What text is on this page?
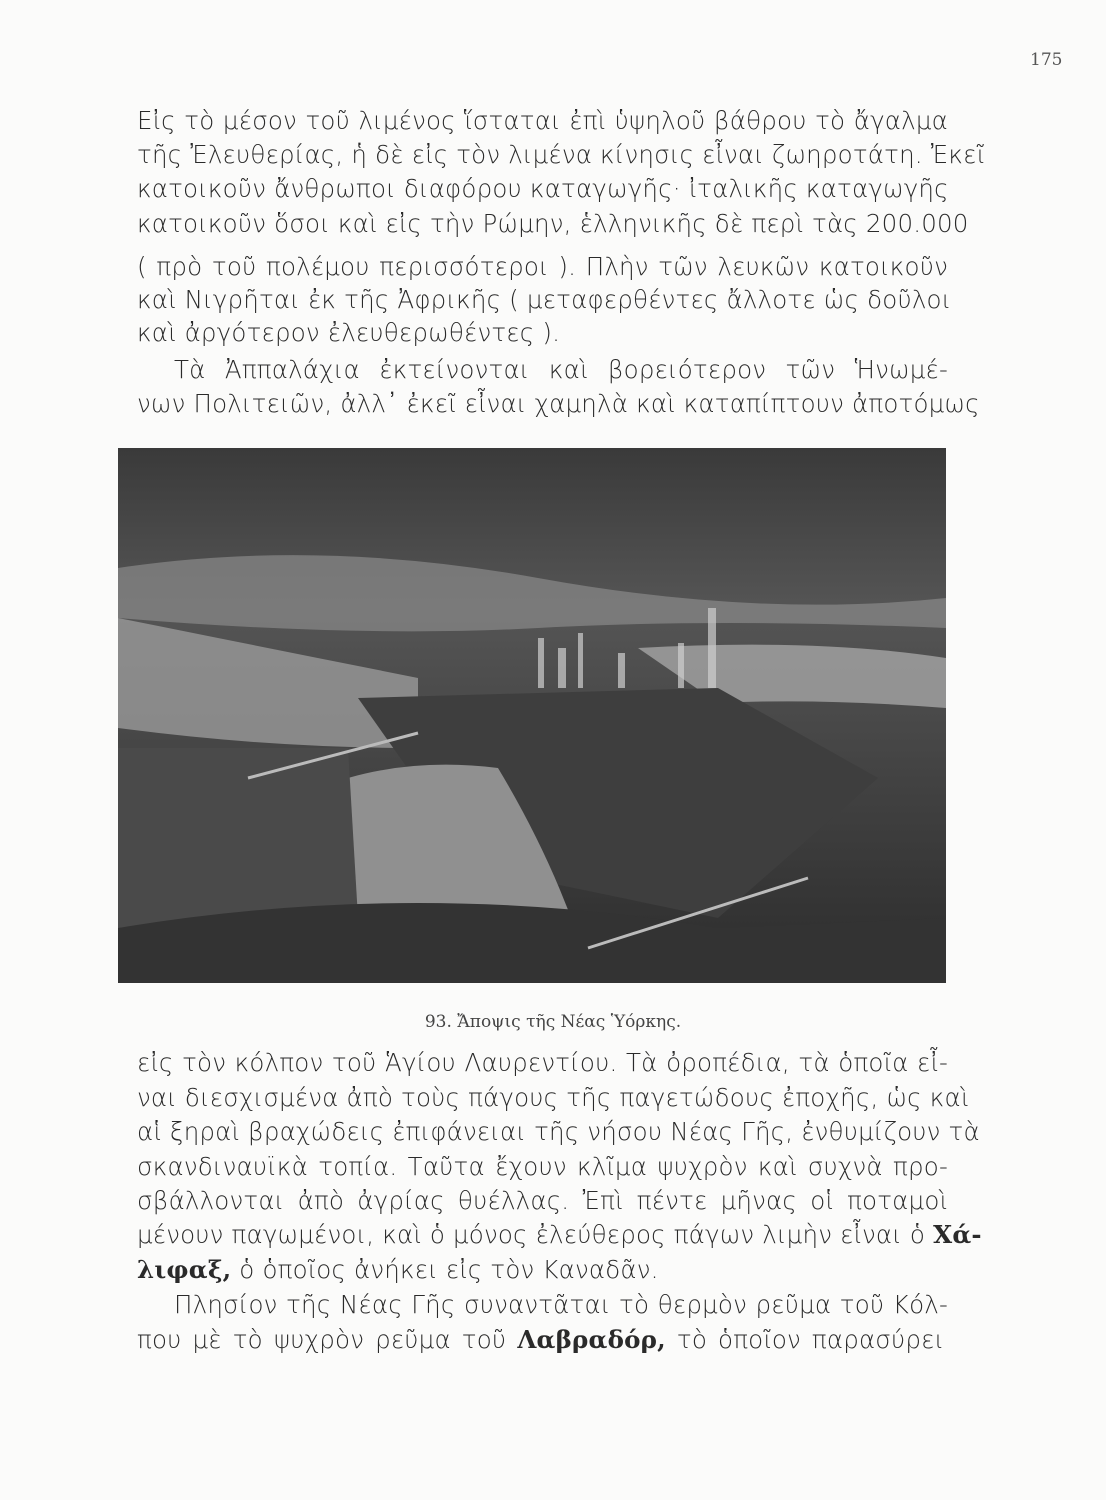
175
Εἰς τὸ μέσον τοῦ λιμένος ἵσταται ἐπὶ ὑψηλοῦ βάθρου τὸ ἄγαλμα
τῆς Ἐλευθερίας, ἡ δὲ εἰς τὸν λιμένα κίνησις εἶναι ζωηροτάτη. Ἐκεῖ
κατοικοῦν ἄνθρωποι διαφόρου καταγωγῆς· ἰταλικῆς καταγωγῆς
κατοικοῦν ὅσοι καὶ εἰς τὴν Ρώμην, ἑλληνικῆς δὲ περὶ τὰς 200.000
( πρὸ τοῦ πολέμου περισσότεροι ). Πλὴν τῶν λευκῶν κατοικοῦν
καὶ Νιγρῆται ἐκ τῆς Ἀφρικῆς ( μεταφερθέντες ἄλλοτε ὡς δοῦλοι
καὶ ἀργότερον ἐλευθερωθέντες ).
Τὰ Ἀππαλάχια ἐκτείνονται καὶ βορειότερον τῶν Ἡνωμέ-
νων Πολιτειῶν, ἀλλ᾽ ἐκεῖ εἶναι χαμηλὰ καὶ καταπίπτουν ἀποτόμως
93. Ἄποψις τῆς Νέας Ὑόρκης.
εἰς τὸν κόλπον τοῦ Ἁγίου Λαυρεντίου. Τὰ ὀροπέδια, τὰ ὁποῖα εἶ-
ναι διεσχισμένα ἀπὸ τοὺς πάγους τῆς παγετώδους ἐποχῆς, ὡς καὶ
αἱ ξηραὶ βραχώδεις ἐπιφάνειαι τῆς νήσου Νέας Γῆς, ἐνθυμίζουν τὰ
σκανδιναυϊκὰ τοπία. Ταῦτα ἔχουν κλῖμα ψυχρὸν καὶ συχνὰ προ-
σβάλλονται ἀπὸ ἀγρίας θυέλλας. Ἐπὶ πέντε μῆνας οἱ ποταμοὶ
μένουν παγωμένοι, καὶ ὁ μόνος ἐλεύθερος πάγων λιμὴν εἶναι ὁ Χά-
λιφαξ, ὁ ὁποῖος ἀνήκει εἰς τὸν Καναδᾶν.
Πλησίον τῆς Νέας Γῆς συναντᾶται τὸ θερμὸν ρεῦμα τοῦ Κόλ-
που μὲ τὸ ψυχρὸν ρεῦμα τοῦ Λαβραδόρ, τὸ ὁποῖον παρασύρει
